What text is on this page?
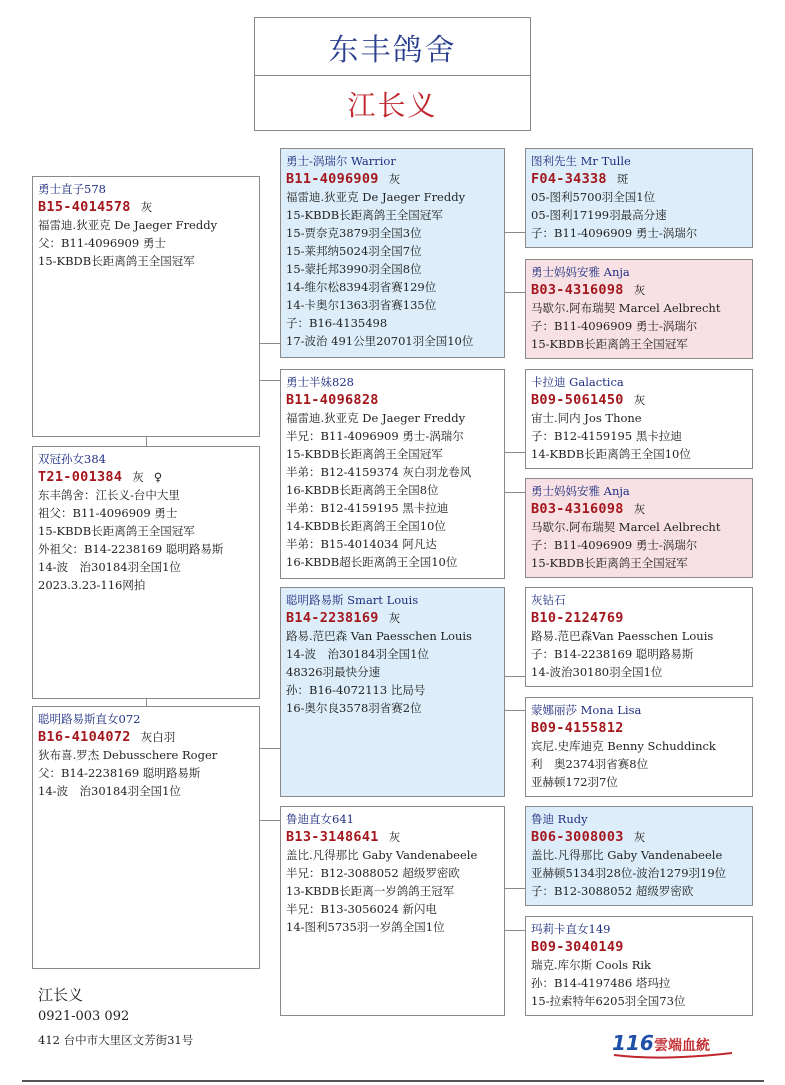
东丰鸽舍
江长义
勇士直子578
B15-4014578 灰
福雷迪.狄亚克 De Jaeger Freddy
父：B11-4096909 勇士
15-KBDB长距离鸽王全国冠军
双冠孙女384
T21-001384 灰 ♀
东丰鸽舍：江长义-台中大里
祖父：B11-4096909 勇士
15-KBDB长距离鸽王全国冠军
外祖父：B14-2238169 聪明路易斯
14-波　治30184羽全国1位
2023.3.23-116网拍
聪明路易斯直女072
B16-4104072 灰白羽
狄布喜.罗杰 Debusschere Roger
父：B14-2238169 聪明路易斯
14-波　治30184羽全国1位
勇士-涡瑞尔 Warrior
B11-4096909 灰
福雷迪.狄亚克 De Jaeger Freddy
15-KBDB长距离鸽王全国冠军
15-贾奈克3879羽全国3位
15-莱邦纳5024羽全国7位
15-蒙托邦3990羽全国8位
14-维尔松8394羽省赛129位
14-卡奥尔1363羽省赛135位
子：B16-4135498
17-波治 491公里20701羽全国10位
勇士半妹828
B11-4096828
福雷迪.狄亚克 De Jaeger Freddy
半兄：B11-4096909 勇士-涡瑞尔
15-KBDB长距离鸽王全国冠军
半弟：B12-4159374 灰白羽龙卷风
16-KBDB长距离鸽王全国8位
半弟：B12-4159195 黑卡拉迪
14-KBDB长距离鸽王全国10位
半弟：B15-4014034 阿凡达
16-KBDB超长距离鸽王全国10位
聪明路易斯 Smart Louis
B14-2238169 灰
路易.范巴森 Van Paesschen Louis
14-波　治30184羽全国1位
48326羽最快分速
孙：B16-4072113 比局号
16-奥尔良3578羽省赛2位
鲁迪直女641
B13-3148641 灰
盖比.凡得那比 Gaby Vandenabeele
半兄：B12-3088052 超级罗密欧
13-KBDB长距离一岁鸽鸽王冠军
半兄：B13-3056024 新闪电
14-图利5735羽一岁鸽全国1位
图利先生 Mr Tulle
F04-34338 斑
05-图利5700羽全国1位
05-图利17199羽最高分速
子：B11-4096909 勇士-涡瑞尔
勇士妈妈安雅 Anja
B03-4316098 灰
马歇尔.阿布瑞契 Marcel Aelbrecht
子：B11-4096909 勇士-涡瑞尔
15-KBDB长距离鸽王全国冠军
卡拉迪 Galactica
B09-5061450 灰
宙士.同内 Jos Thone
子：B12-4159195 黑卡拉迪
14-KBDB长距离鸽王全国10位
勇士妈妈安雅 Anja
B03-4316098 灰
马歇尔.阿布瑞契 Marcel Aelbrecht
子：B11-4096909 勇士-涡瑞尔
15-KBDB长距离鸽王全国冠军
灰钻石
B10-2124769
路易.范巴森Van Paesschen Louis
子：B14-2238169 聪明路易斯
14-波治30180羽全国1位
蒙娜丽莎 Mona Lisa
B09-4155812
宾尼.史库迪克 Benny Schuddinck
利　奥2374羽省赛8位
亚赫顿172羽7位
鲁迪 Rudy
B06-3008003 灰
盖比.凡得那比 Gaby Vandenabeele
亚赫顿5134羽28位-波治1279羽19位
子：B12-3088052 超级罗密欧
玛莉卡直女149
B09-3040149
瑞克.库尔斯 Cools Rik
孙：B14-4197486 塔玛拉
15-拉索特年6205羽全国73位
江长义
0921-003 092
412 台中市大里区文芳街31号	116 雲端血統
